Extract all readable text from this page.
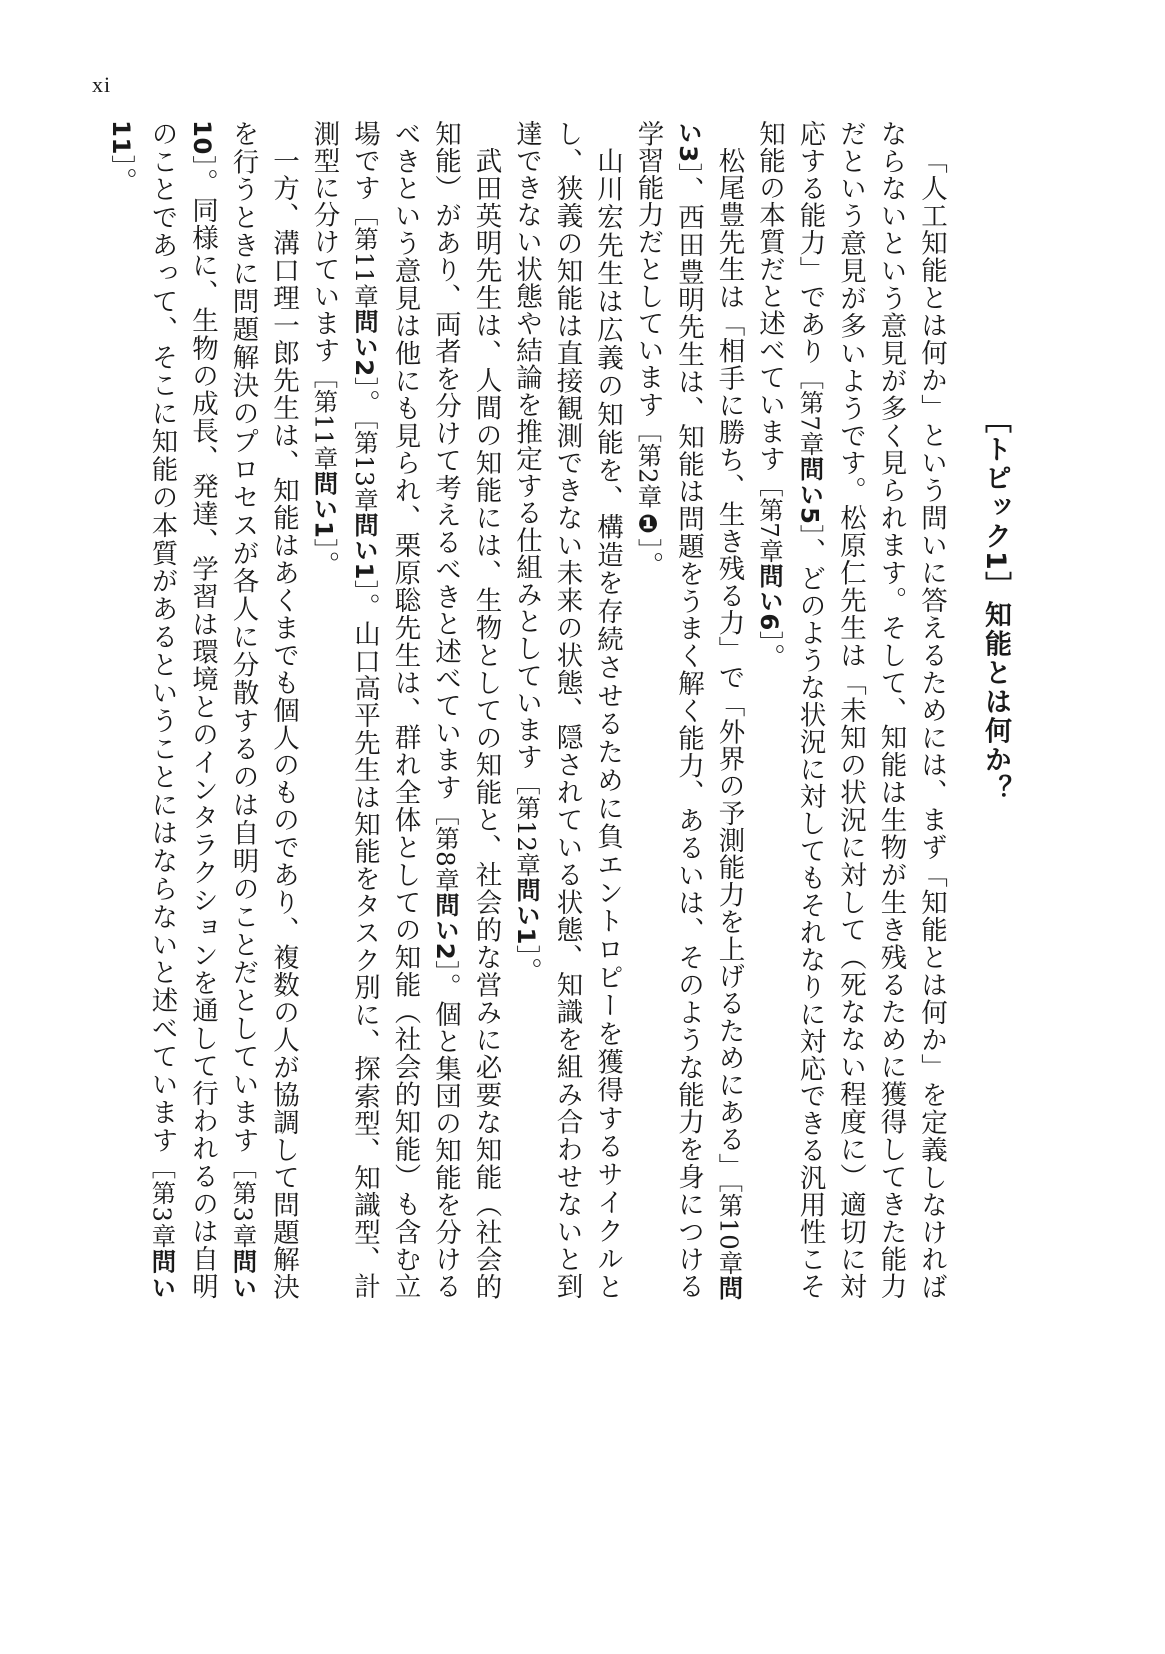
xi
［トピック1］知能とは何か？

「人工知能とは何か」という問いに答えるためには、まず「知能とは何か」を定義しなければならないという意見が多く見られます。そして、知能は生物が生き残るために獲得してきた能力だという意見が多いようです。松原仁先生は「未知の状況に対して（死なない程度に）適切に対応する能力」であり［第7章問い5］、どのような状況に対してもそれなりに対応できる汎用性こそ知能の本質だと述べています［第7章問い6］。

松尾豊先生は「相手に勝ち、生き残る力」で「外界の予測能力を上げるためにある」［第10章問い3］、西田豊明先生は、知能は問題をうまく解く能力、あるいは、そのような能力を身につける学習能力だとしています［第2章❶］。

山川宏先生は広義の知能を、構造を存続させるために負エントロピーを獲得するサイクルとし、狭義の知能は直接観測できない未来の状態、隠されている状態、知識を組み合わせないと到達できない状態や結論を推定する仕組みとしています［第12章問い1］。

武田英明先生は、人間の知能には、生物としての知能と、社会的な営みに必要な知能（社会的知能）があり、両者を分けて考えるべきと述べています［第8章問い2］。個と集団の知能を分けるべきという意見は他にも見られ、栗原聡先生は、群れ全体としての知能（社会的知能）も含む立場です［第11章問い2］。［第13章問い1］。山口高平先生は知能をタスク別に、探索型、知識型、計測型に分けています［第11章問い1］。

一方、溝口理一郎先生は、知能はあくまでも個人のものであり、複数の人が協調して問題解決を行うときに問題解決のプロセスが各人に分散するのは自明のことだとしています［第3章問い10］。同様に、生物の成長、発達、学習は環境とのインタラクションを通して行われるのは自明のことであって、そこに知能の本質があるということにはならないと述べています［第3章問い11］。
